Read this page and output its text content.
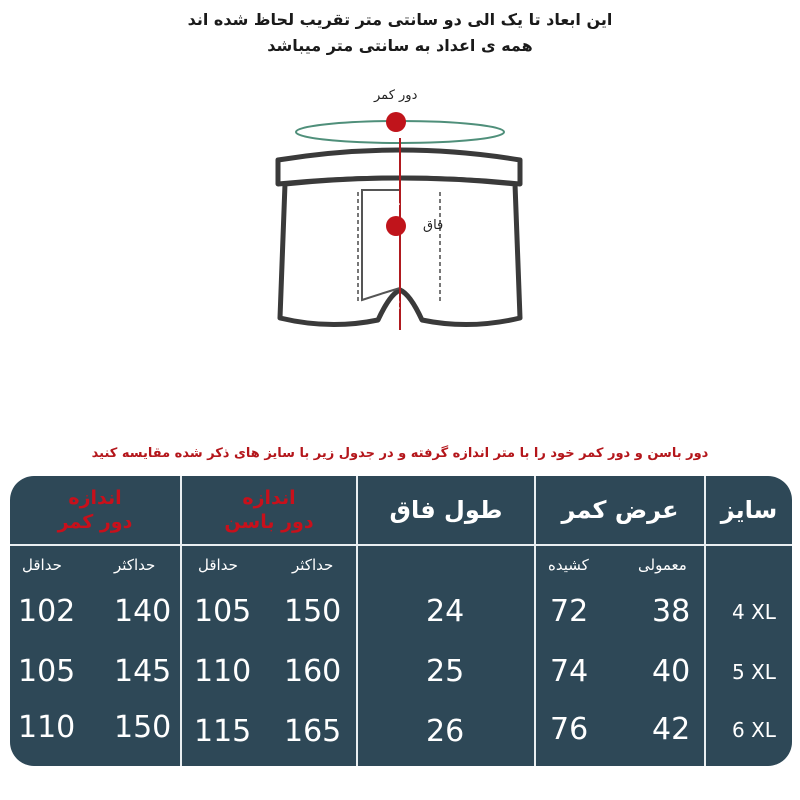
این ابعاد تا یک الی دو سانتی متر تقریب لحاظ شده اند
همه ی اعداد به سانتی متر میباشد
دور کمر
فاق
1
2
دور باسن و دور کمر خود را با متر اندازه گرفته و در جدول زیر با سایز های ذکر شده مقایسه کنید
سایز
عرض کمر
طول فاق
اندازه
دور باسن
اندازه
دور کمر
معمولی
کشیده
حداکثر
حداقل
حداکثر
حداقل
4 XL
38
72
24
150
105
140
102
5 XL
40
74
25
160
110
145
105
6 XL
42
76
26
165
115
150
110
